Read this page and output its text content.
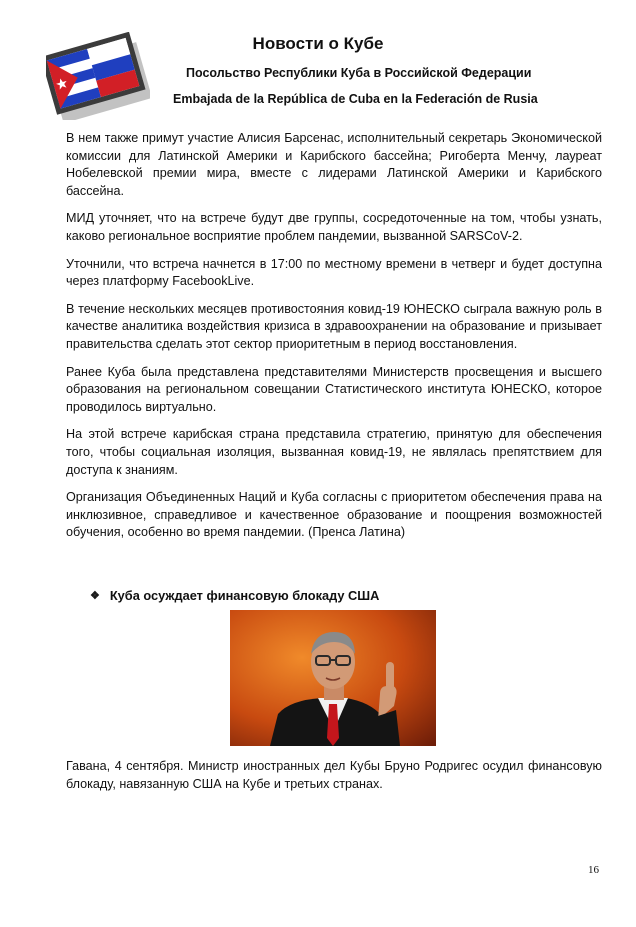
Новости о Кубе

Посольство Республики Куба в Российской Федерации

Embajada de la República de Cuba en la Federación de Rusia

В нем также примут участие Алисия Барсенас, исполнительный секретарь Экономической комиссии для Латинской Америки и Карибского бассейна; Ригоберта Менчу, лауреат Нобелевской премии мира, вместе с лидерами Латинской Америки и Карибского бассейна.

МИД уточняет, что на встрече будут две группы, сосредоточенные на том, чтобы узнать, каково региональное восприятие проблем пандемии, вызванной SARSCoV-2.

Уточнили, что встреча начнется в 17:00 по местному времени в четверг и будет доступна через платформу FacebookLive.

В течение нескольких месяцев противостояния ковид-19 ЮНЕСКО сыграла важную роль в качестве аналитика воздействия кризиса в здравоохранении на образование и призывает правительства сделать этот сектор приоритетным в период восстановления.

Ранее Куба была представлена представителями Министерств просвещения и высшего образования на региональном совещании Статистического института ЮНЕСКО, которое проводилось виртуально.

На этой встрече карибская страна представила стратегию, принятую для обеспечения того, чтобы социальная изоляция, вызванная ковид-19, не являлась препятствием для доступа к знаниям.

Организация Объединенных Наций и Куба согласны с приоритетом обеспечения права на инклюзивное, справедливое и качественное образование и поощрения возможностей обучения, особенно во время пандемии. (Пренса Латина)

❖ Куба осуждает финансовую блокаду США

Гавана, 4 сентября. Министр иностранных дел Кубы Бруно Родригес осудил финансовую блокаду, навязанную США на Кубе и третьих странах.

16
